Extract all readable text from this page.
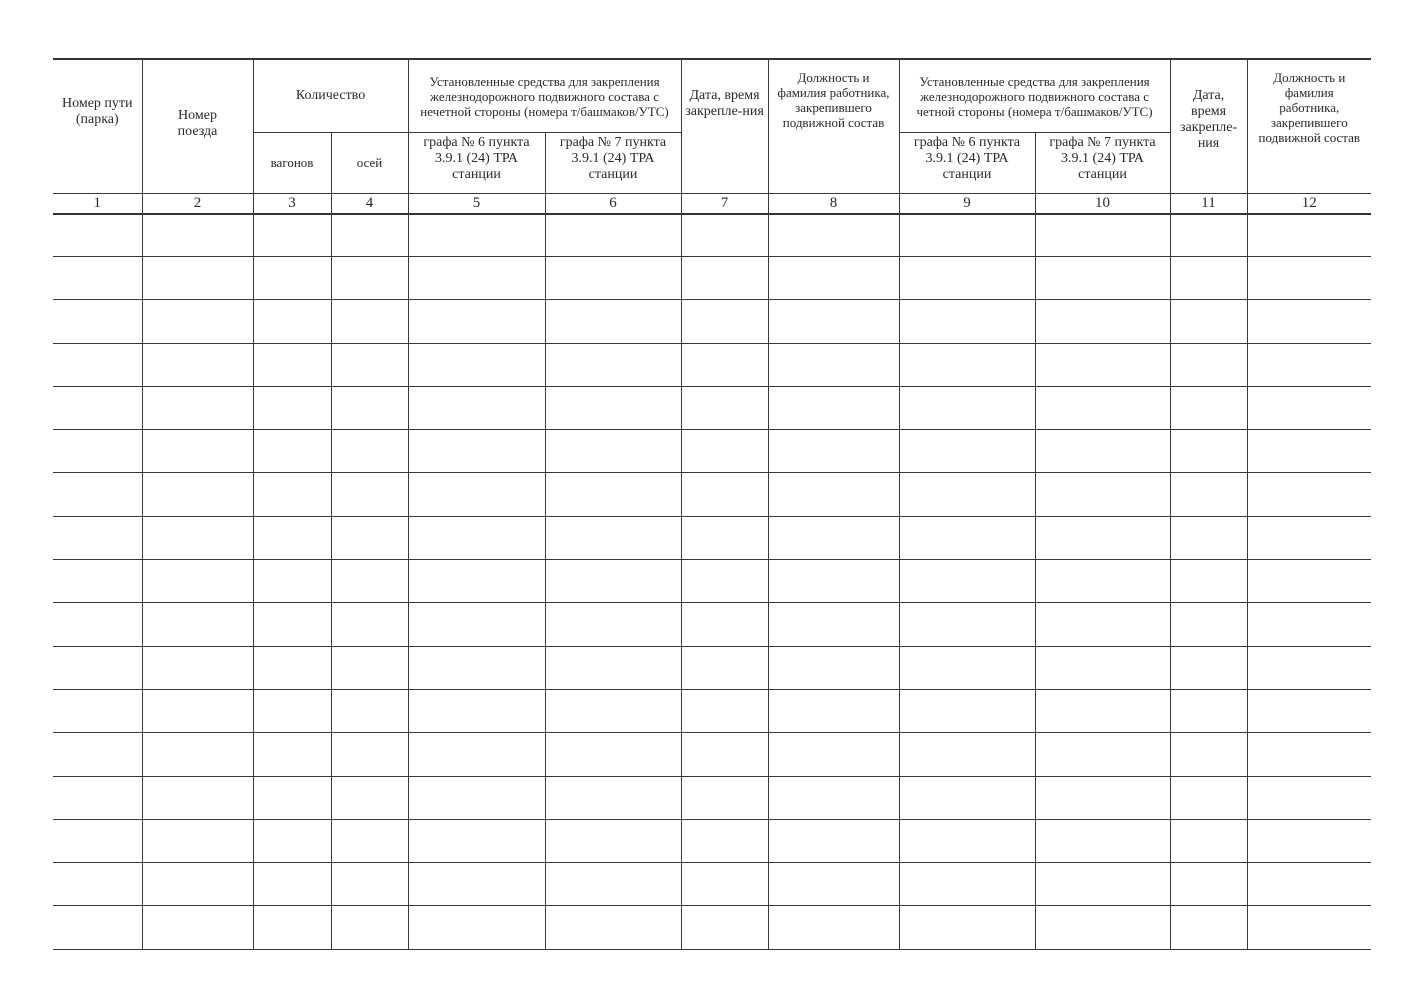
Номер пути (парка)	Номер поезда	Количество		Установленные средства для закрепления железнодорожного подвижного состава с нечетной стороны (номера т/башмаков/УТС)		Дата, время закрепле-ния	Должность и фамилия работника, закрепившего подвижной состав	Установленные средства для закрепления железнодорожного подвижного состава с четной стороны (номера т/башмаков/УТС)		Дата, время закрепле-ния	Должность и фамилия работника, закрепившего подвижной состав

		вагонов	осей	графа № 6 пункта 3.9.1 (24) ТРА станции	графа № 7 пункта 3.9.1 (24) ТРА станции			графа № 6 пункта 3.9.1 (24) ТРА станции	графа № 7 пункта 3.9.1 (24) ТРА станции		

1	2	3	4	5	6	7	8	9	10	11	12
